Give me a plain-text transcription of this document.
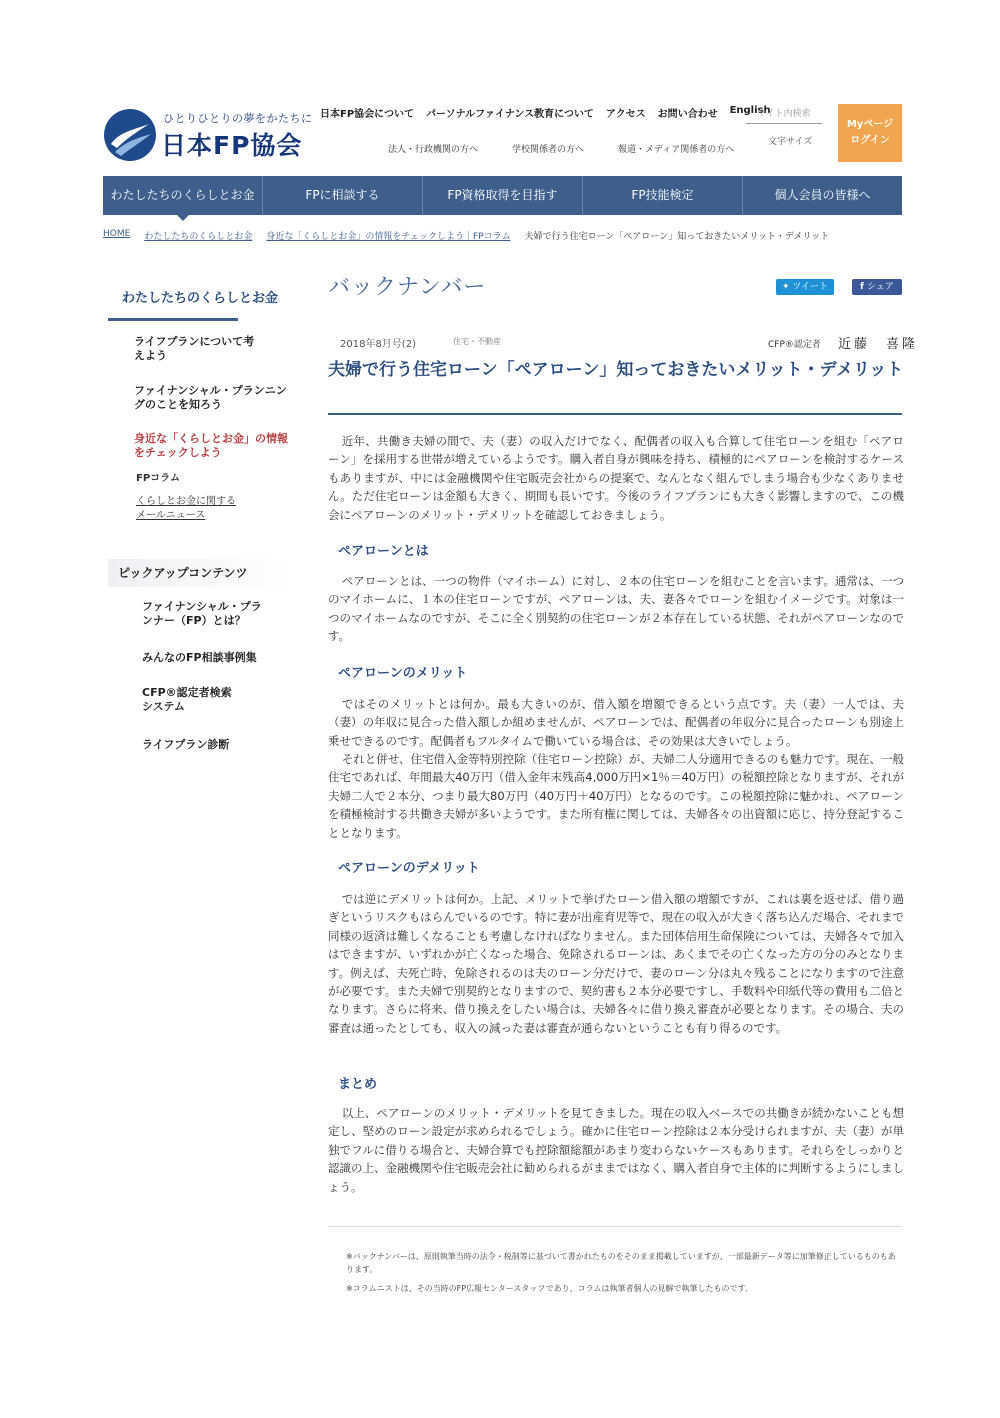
ひとりひとりの夢をかたちに
日本FP協会
日本FP協会について パーソナルファイナンス教育について アクセス お問い合わせ English
法人・行政機関の方へ	学校関係者の方へ	報道・メディア関係者の方へ
サイト内検索
文字サイズ
Myページ
ログイン
わたしたちのくらしとお金	FPに相談する	FP資格取得を目指す	FP技能検定	個人会員の皆様へ
HOME わたしたちのくらしとお金 身近な「くらしとお金」の情報をチェックしよう｜FPコラム 夫婦で行う住宅ローン「ペアローン」知っておきたいメリット・デメリット
わたしたちのくらしとお金
ライフプランについて考えよう
ファイナンシャル・プランニングのことを知ろう
身近な「くらしとお金」の情報をチェックしよう
FPコラム
くらしとお金に関する
メールニュース
ピックアップコンテンツ
ファイナンシャル・プランナー（FP）とは？
みんなのFP相談事例集
CFP®認定者検索システム
ライフプラン診断
バックナンバー	✦ ツイート	f シェア
2018年8月号(2)	住宅・不動産	CFP®認定者 近藤　喜隆
夫婦で行う住宅ローン「ペアローン」知っておきたいメリット・デメリット
近年、共働き夫婦の間で、夫（妻）の収入だけでなく、配偶者の収入も合算して住宅ローンを組む「ペアローン」を採用する世帯が増えているようです。購入者自身が興味を持ち、積極的にペアローンを検討するケースもありますが、中には金融機関や住宅販売会社からの提案で、なんとなく組んでしまう場合も少なくありません。ただ住宅ローンは金額も大きく、期間も長いです。今後のライフプランにも大きく影響しますので、この機会にペアローンのメリット・デメリットを確認しておきましょう。
ペアローンとは
ペアローンとは、一つの物件（マイホーム）に対し、２本の住宅ローンを組むことを言います。通常は、一つのマイホームに、１本の住宅ローンですが、ペアローンは、夫、妻各々でローンを組むイメージです。対象は一つのマイホームなのですが、そこに全く別契約の住宅ローンが２本存在している状態、それがペアローンなのです。
ペアローンのメリット
ではそのメリットとは何か。最も大きいのが、借入額を増額できるという点です。夫（妻）一人では、夫（妻）の年収に見合った借入額しか組めませんが、ペアローンでは、配偶者の年収分に見合ったローンも別途上乗せできるのです。配偶者もフルタイムで働いている場合は、その効果は大きいでしょう。
それと併せ、住宅借入金等特別控除（住宅ローン控除）が、夫婦二人分適用できるのも魅力です。現在、一般住宅であれば、年間最大40万円（借入金年末残高4,000万円×1％＝40万円）の税額控除となりますが、それが夫婦二人で２本分、つまり最大80万円（40万円＋40万円）となるのです。この税額控除に魅かれ、ペアローンを積極検討する共働き夫婦が多いようです。また所有権に関しては、夫婦各々の出資額に応じ、持分登記することとなります。
ペアローンのデメリット
では逆にデメリットは何か。上記、メリットで挙げたローン借入額の増額ですが、これは裏を返せば、借り過ぎというリスクもはらんでいるのです。特に妻が出産育児等で、現在の収入が大きく落ち込んだ場合、それまで同様の返済は難しくなることも考慮しなければなりません。また団体信用生命保険については、夫婦各々で加入はできますが、いずれかが亡くなった場合、免除されるローンは、あくまでその亡くなった方の分のみとなります。例えば、夫死亡時、免除されるのは夫のローン分だけで、妻のローン分は丸々残ることになりますので注意が必要です。また夫婦で別契約となりますので、契約書も２本分必要ですし、手数料や印紙代等の費用も二倍となります。さらに将来、借り換えをしたい場合は、夫婦各々に借り換え審査が必要となります。その場合、夫の審査は通ったとしても、収入の減った妻は審査が通らないということも有り得るのです。
まとめ
以上、ペアローンのメリット・デメリットを見てきました。現在の収入ベースでの共働きが続かないことも想定し、堅めのローン設定が求められるでしょう。確かに住宅ローン控除は２本分受けられますが、夫（妻）が単独でフルに借りる場合と、夫婦合算でも控除額総額があまり変わらないケースもあります。それらをしっかりと認識の上、金融機関や住宅販売会社に勧められるがままではなく、購入者自身で主体的に判断するようにしましょう。
※バックナンバーは、原則執筆当時の法令・税制等に基づいて書かれたものをそのまま掲載していますが、一部最新データ等に加筆修正しているものもあります。
※コラムニストは、その当時のFP広報センタースタッフであり、コラムは執筆者個人の見解で執筆したものです。
